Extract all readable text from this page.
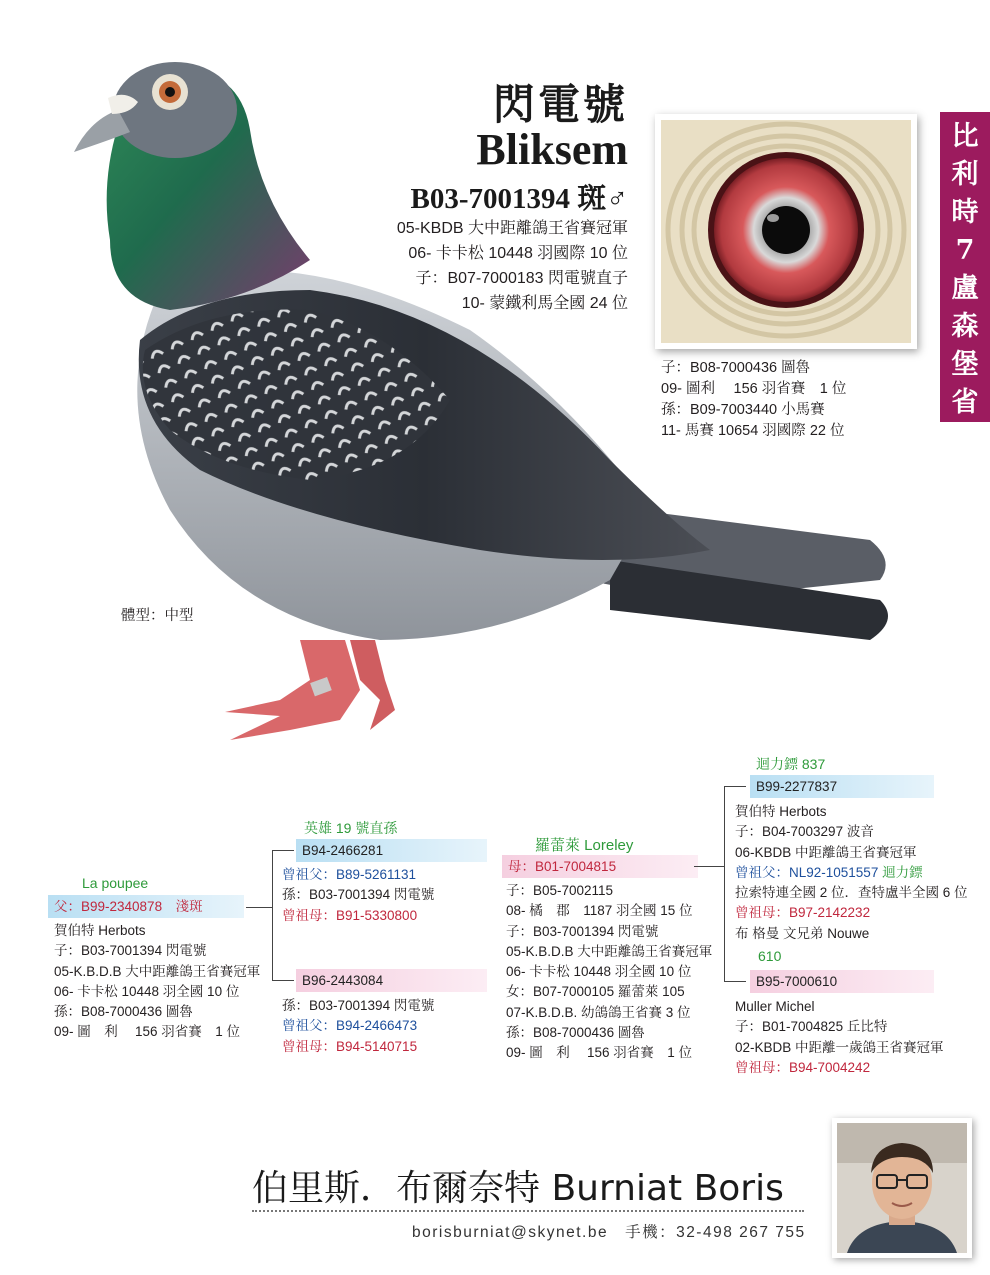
閃電號
Bliksem
B03-7001394 斑♂
05-KBDB 大中距離鴿王省賽冠軍
06- 卡卡松 10448 羽國際 10 位
子：B07-7000183 閃電號直子
10- 蒙鐵利馬全國 24 位
子：B08-7000436 圖魯
09- 圖利　 156 羽省賽　1 位
孫：B09-7003440 小馬賽
11- 馬賽 10654 羽國際 22 位
比
利
時
7
盧
森
堡
省
體型：中型
La poupee
父：B99-2340878　淺斑
賀伯特 Herbots
子：B03-7001394 閃電號
05-K.B.D.B 大中距離鴿王省賽冠軍
06- 卡卡松 10448 羽全國 10 位
孫：B08-7000436 圖魯
09- 圖　利　 156 羽省賽　1 位
英雄 19 號直孫
B94-2466281
曾祖父：B89-5261131
孫：B03-7001394 閃電號
曾祖母：B91-5330800
B96-2443084
孫：B03-7001394 閃電號
曾祖父：B94-2466473
曾祖母：B94-5140715
羅蕾萊 Loreley
母：B01-7004815
子：B05-7002115
08- 橘　郡　1187 羽全國 15 位
子：B03-7001394 閃電號
05-K.B.D.B 大中距離鴿王省賽冠軍
06- 卡卡松 10448 羽全國 10 位
女：B07-7000105 羅蕾萊 105
07-K.B.D.B. 幼鴿鴿王省賽 3 位
孫：B08-7000436 圖魯
09- 圖　利　 156 羽省賽　1 位
迴力鏢 837
B99-2277837
賀伯特 Herbots
子：B04-7003297 波音
06-KBDB 中距離鴿王省賽冠軍
曾祖父：NL92-1051557 迴力鏢
拉索特連全國 2 位．查特盧半全國 6 位
曾祖母：B97-2142232
布 格曼 文兄弟 Nouwe
610
B95-7000610
Muller Michel
子：B01-7004825 丘比特
02-KBDB 中距離一歲鴿王省賽冠軍
曾祖母：B94-7004242
伯里斯．布爾奈特 Burniat Boris
borisburniat@skynet.be　手機：32-498 267 755
